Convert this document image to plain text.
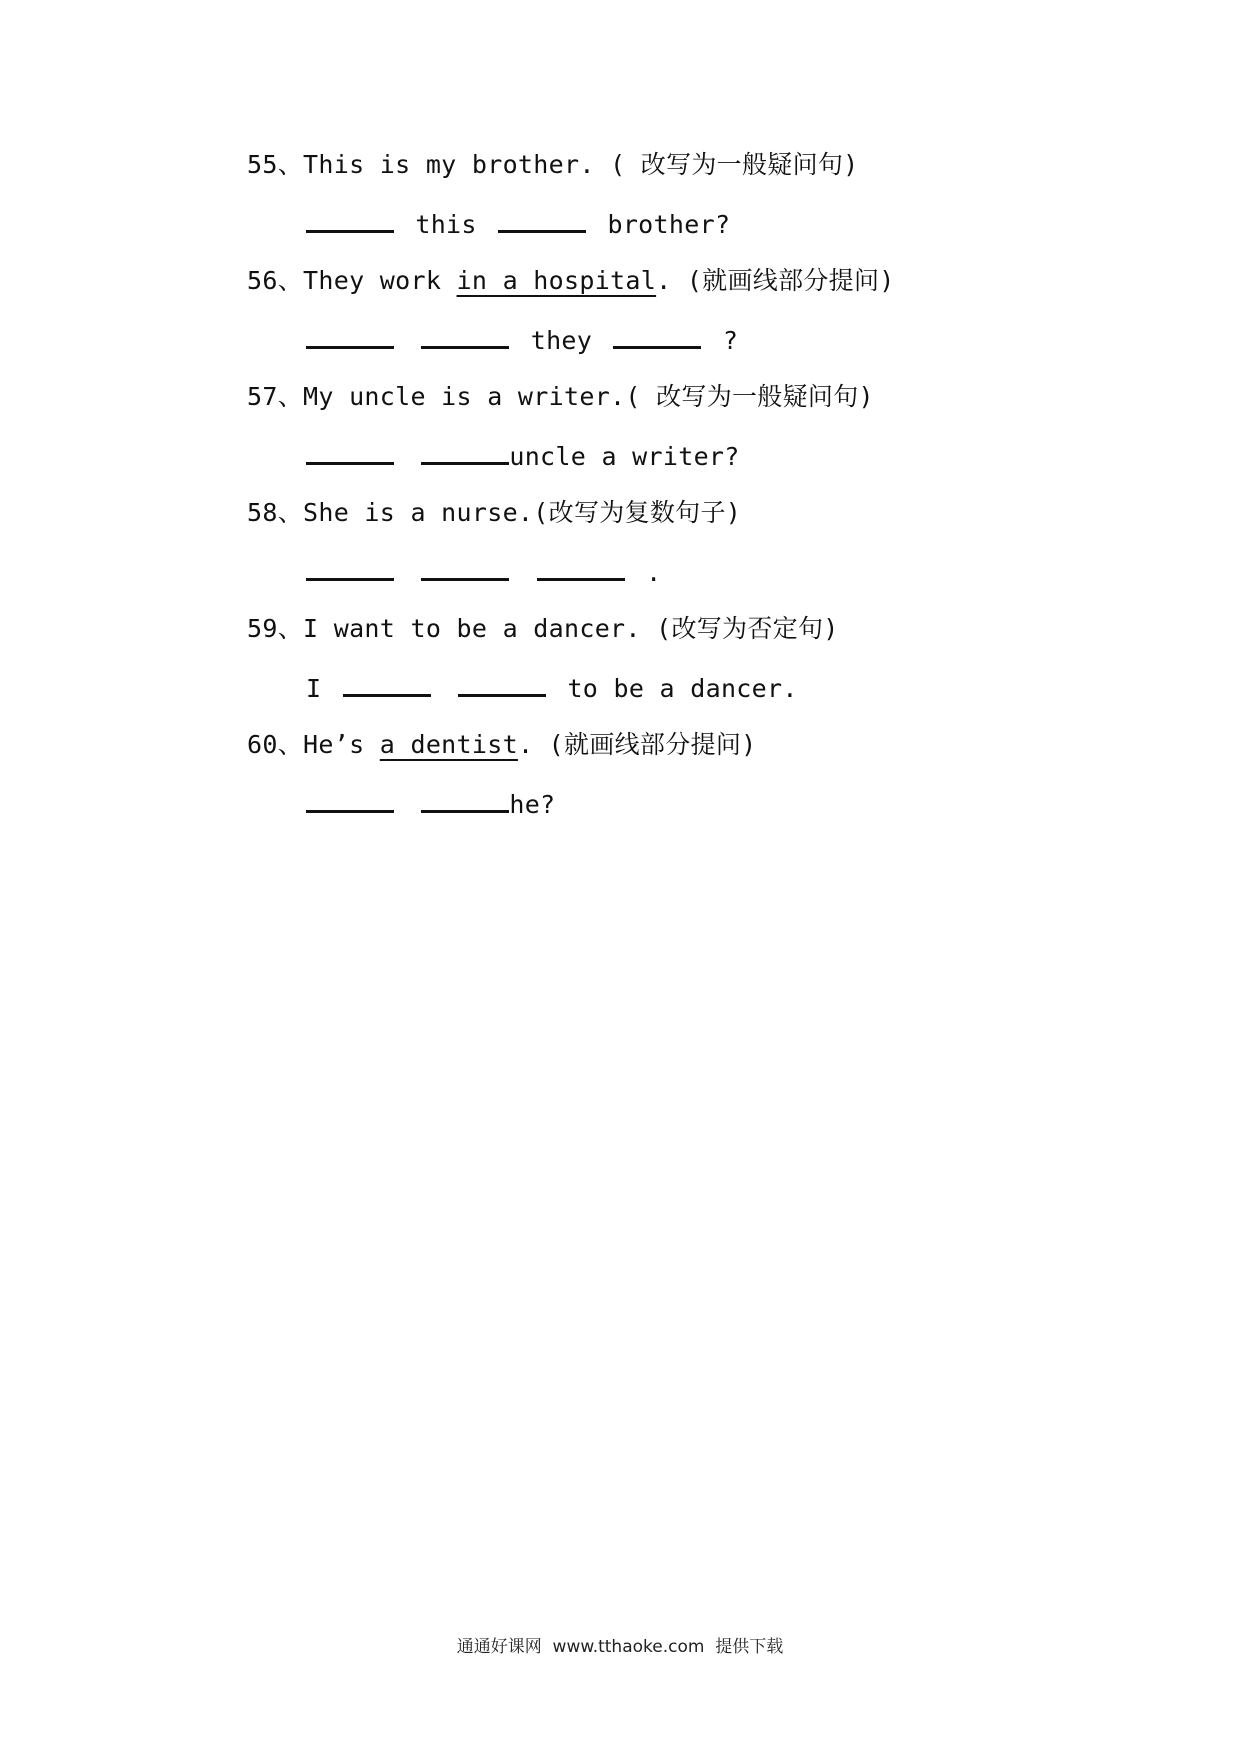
55、This is my brother. ( 改写为一般疑问句)
this	brother?
56、They work in a hospital. (就画线部分提问)
they	?
57、My uncle is a writer.( 改写为一般疑问句)
uncle a writer?
58、She is a nurse.(改写为复数句子)
.
59、I want to be a dancer. (改写为否定句)
I	to be a dancer.
60、He’s a dentist. (就画线部分提问)
he?
通通好课网 www.tthaoke.com 提供下载
